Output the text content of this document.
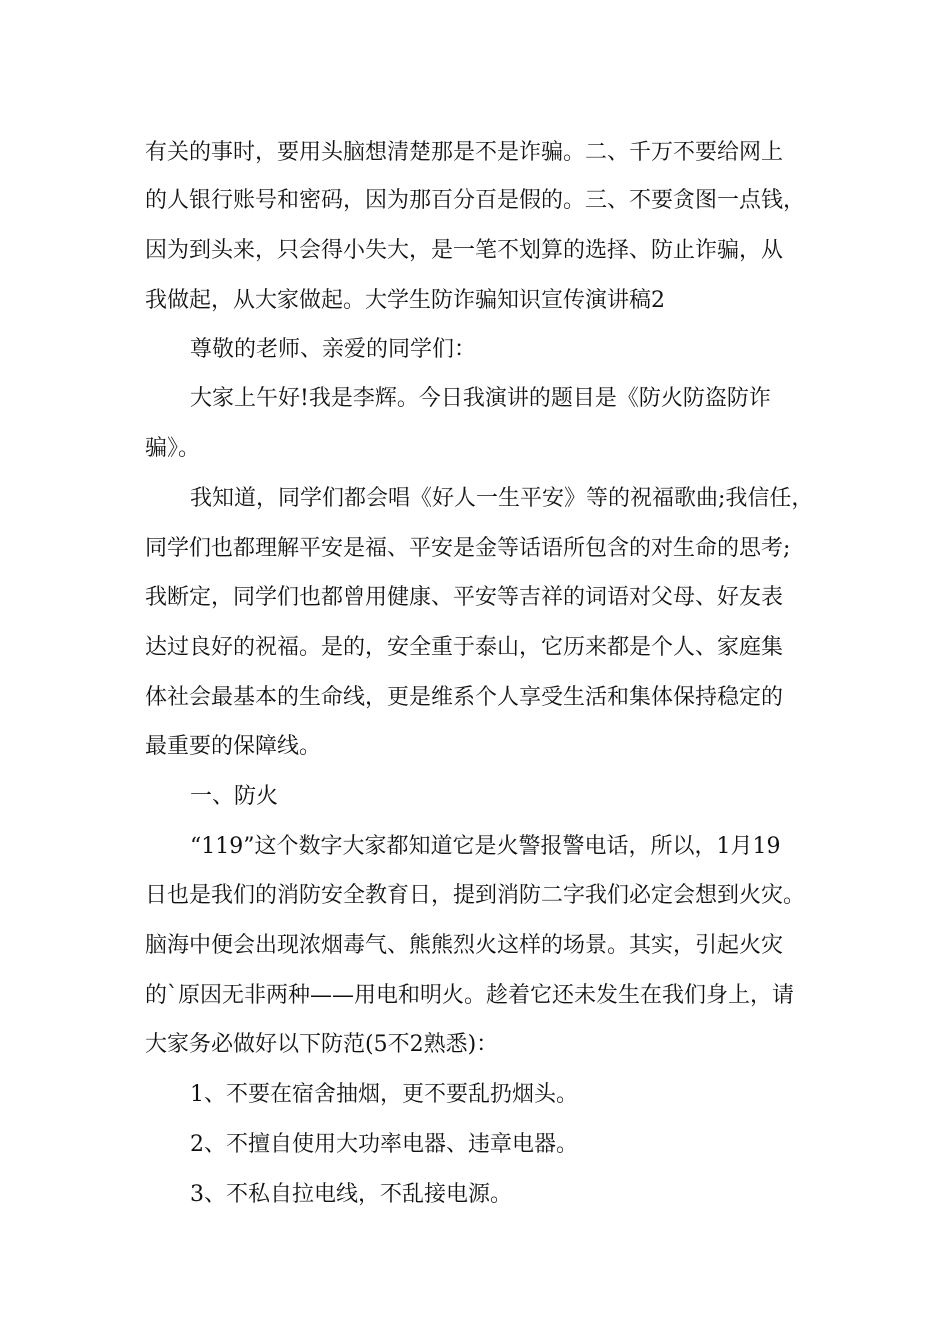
有关的事时，要用头脑想清楚那是不是诈骗。二、千万不要给网上

的人银行账号和密码，因为那百分百是假的。三、不要贪图一点钱，

因为到头来，只会得小失大，是一笔不划算的选择、防止诈骗，从

我做起，从大家做起。大学生防诈骗知识宣传演讲稿2

尊敬的老师、亲爱的同学们：

大家上午好!我是李辉。今日我演讲的题目是《防火防盗防诈

骗》。

我知道，同学们都会唱《好人一生平安》等的祝福歌曲;我信任，

同学们也都理解平安是福、平安是金等话语所包含的对生命的思考;

我断定，同学们也都曾用健康、平安等吉祥的词语对父母、好友表

达过良好的祝福。是的，安全重于泰山，它历来都是个人、家庭集

体社会最基本的生命线，更是维系个人享受生活和集体保持稳定的

最重要的保障线。

一、防火

“119”这个数字大家都知道它是火警报警电话，所以，1月19

日也是我们的消防安全教育日，提到消防二字我们必定会想到火灾。

脑海中便会出现浓烟毒气、熊熊烈火这样的场景。其实，引起火灾

的`原因无非两种——用电和明火。趁着它还未发生在我们身上，请

大家务必做好以下防范(5不2熟悉)：

1、不要在宿舍抽烟，更不要乱扔烟头。

2、不擅自使用大功率电器、违章电器。

3、不私自拉电线，不乱接电源。
